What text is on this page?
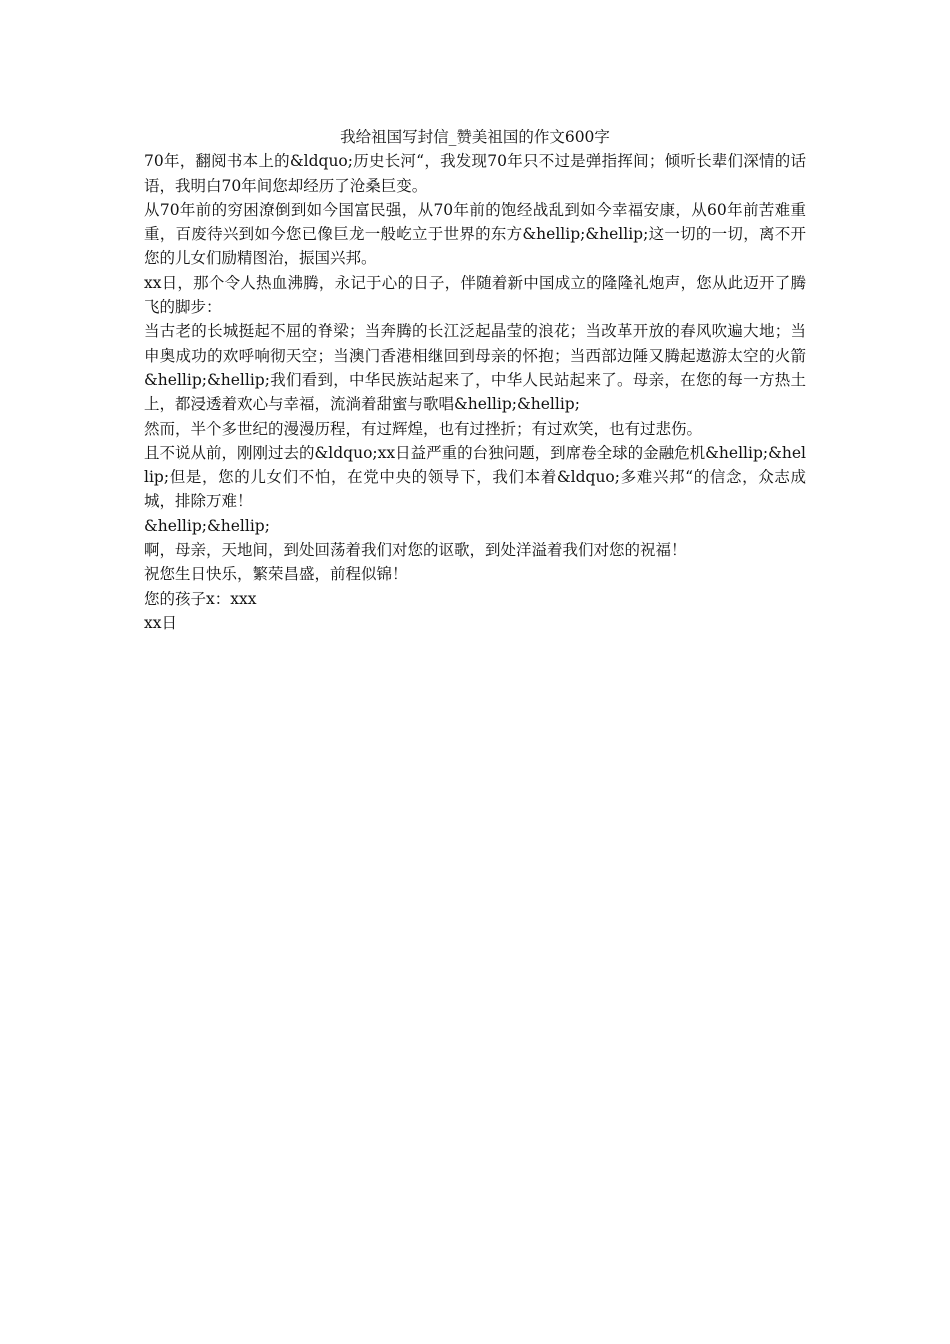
我给祖国写封信_赞美祖国的作文600字

70年，翻阅书本上的&ldquo;历史长河“，我发现70年只不过是弹指挥间；倾听长辈们深情的话语，我明白70年间您却经历了沧桑巨变。

从70年前的穷困潦倒到如今国富民强，从70年前的饱经战乱到如今幸福安康，从60年前苦难重重，百废待兴到如今您已像巨龙一般屹立于世界的东方&hellip;&hellip;这一切的一切，离不开您的儿女们励精图治，振国兴邦。

xx日，那个令人热血沸腾，永记于心的日子，伴随着新中国成立的隆隆礼炮声，您从此迈开了腾飞的脚步：

当古老的长城挺起不屈的脊梁；当奔腾的长江泛起晶莹的浪花；当改革开放的春风吹遍大地；当申奥成功的欢呼响彻天空；当澳门香港相继回到母亲的怀抱；当西部边陲又腾起遨游太空的火箭&hellip;&hellip;我们看到，中华民族站起来了，中华人民站起来了。母亲，在您的每一方热土上，都浸透着欢心与幸福，流淌着甜蜜与歌唱&hellip;&hellip;

然而，半个多世纪的漫漫历程，有过辉煌，也有过挫折；有过欢笑，也有过悲伤。

且不说从前，刚刚过去的&ldquo;xx日益严重的台独问题，到席卷全球的金融危机&hellip;&hellip;但是，您的儿女们不怕，在党中央的领导下，我们本着&ldquo;多难兴邦“的信念，众志成城，排除万难！

&hellip;&hellip;

啊，母亲，天地间，到处回荡着我们对您的讴歌，到处洋溢着我们对您的祝福！

祝您生日快乐，繁荣昌盛，前程似锦！

您的孩子x：xxx

xx日
